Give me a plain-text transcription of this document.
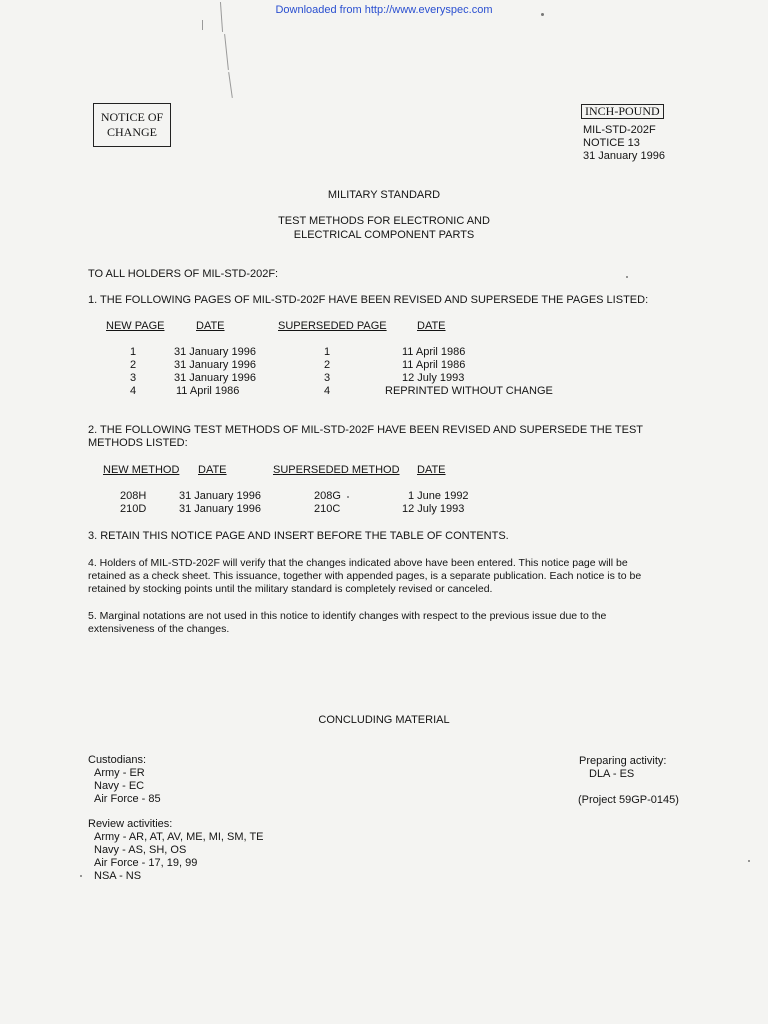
Downloaded from http://www.everyspec.com
NOTICE OF
CHANGE
INCH-POUND
MIL-STD-202F
NOTICE 13
31 January 1996
MILITARY STANDARD
TEST METHODS FOR ELECTRONIC AND
ELECTRICAL COMPONENT PARTS
TO ALL HOLDERS OF MIL-STD-202F:
1. THE FOLLOWING PAGES OF MIL-STD-202F HAVE BEEN REVISED AND SUPERSEDE THE PAGES LISTED:
NEW PAGE	DATE	SUPERSEDED PAGE	DATE
1	31 January 1996	1	11 April 1986
2	31 January 1996	2	11 April 1986
3	31 January 1996	3	12 July 1993
4	11 April 1986	4	REPRINTED WITHOUT CHANGE
2. THE FOLLOWING TEST METHODS OF MIL-STD-202F HAVE BEEN REVISED AND SUPERSEDE THE TEST
METHODS LISTED:
NEW METHOD DATE	SUPERSEDED METHOD DATE
208H	31 January 1996	208G	1 June 1992
210D	31 January 1996	210C	12 July 1993
3. RETAIN THIS NOTICE PAGE AND INSERT BEFORE THE TABLE OF CONTENTS.
4. Holders of MIL-STD-202F will verify that the changes indicated above have been entered. This notice page will be
retained as a check sheet. This issuance, together with appended pages, is a separate publication. Each notice is to be
retained by stocking points until the military standard is completely revised or canceled.
5. Marginal notations are not used in this notice to identify changes with respect to the previous issue due to the
extensiveness of the changes.
CONCLUDING MATERIAL
Custodians:
Army - ER
Navy - EC
Air Force - 85
Preparing activity:
DLA - ES
(Project 59GP-0145)
Review activities:
Army - AR, AT, AV, ME, MI, SM, TE
Navy - AS, SH, OS
Air Force - 17, 19, 99
NSA - NS
